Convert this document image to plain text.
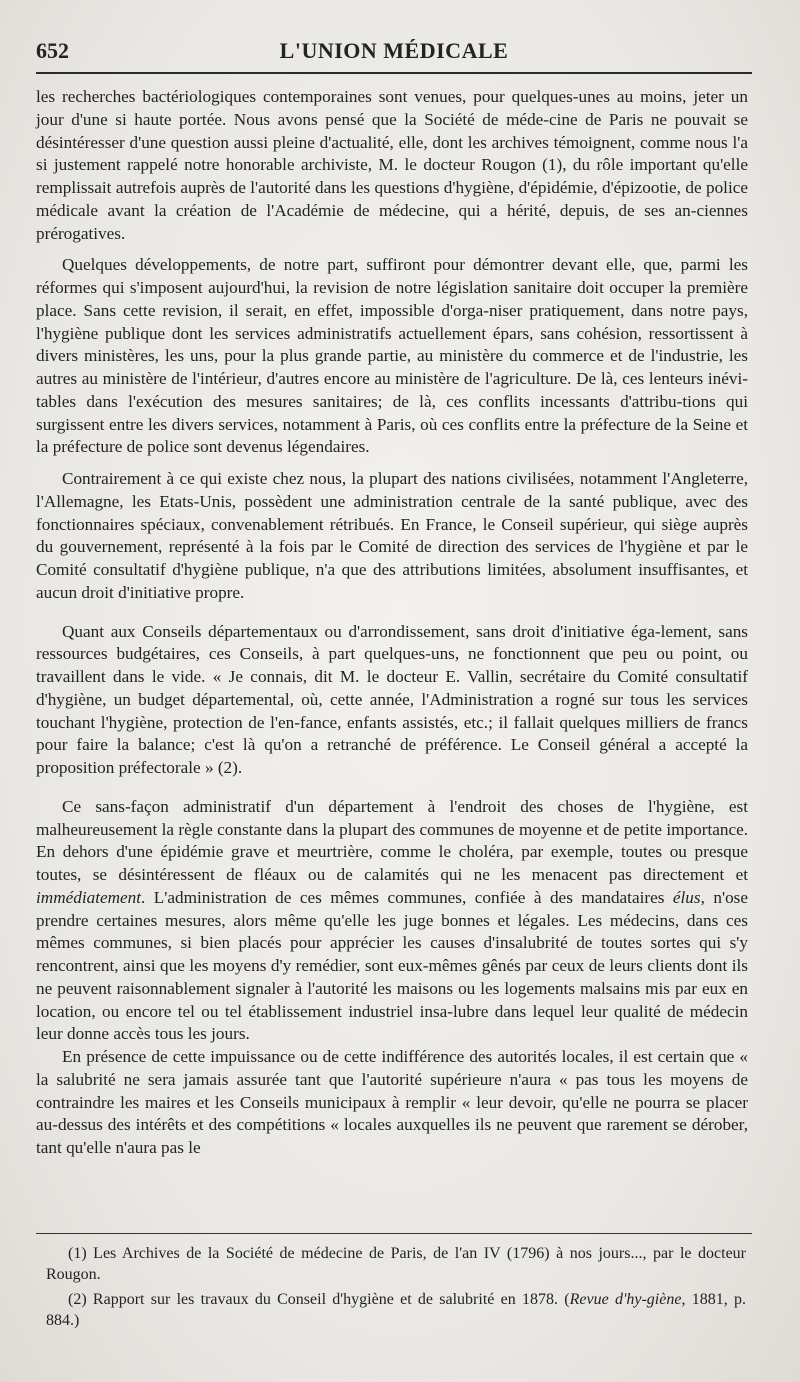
652	L'UNION MÉDICALE

les recherches bactériologiques contemporaines sont venues, pour quelques-unes au moins, jeter un jour d'une si haute portée. Nous avons pensé que la Société de méde-cine de Paris ne pouvait se désintéresser d'une question aussi pleine d'actualité, elle, dont les archives témoignent, comme nous l'a si justement rappelé notre honorable archiviste, M. le docteur Rougon (1), du rôle important qu'elle remplissait autrefois auprès de l'autorité dans les questions d'hygiène, d'épidémie, d'épizootie, de police médicale avant la création de l'Académie de médecine, qui a hérité, depuis, de ses an-ciennes prérogatives.

Quelques développements, de notre part, suffiront pour démontrer devant elle, que, parmi les réformes qui s'imposent aujourd'hui, la revision de notre législation sanitaire doit occuper la première place. Sans cette revision, il serait, en effet, impossible d'orga-niser pratiquement, dans notre pays, l'hygiène publique dont les services administratifs actuellement épars, sans cohésion, ressortissent à divers ministères, les uns, pour la plus grande partie, au ministère du commerce et de l'industrie, les autres au ministère de l'intérieur, d'autres encore au ministère de l'agriculture. De là, ces lenteurs inévi-tables dans l'exécution des mesures sanitaires; de là, ces conflits incessants d'attribu-tions qui surgissent entre les divers services, notamment à Paris, où ces conflits entre la préfecture de la Seine et la préfecture de police sont devenus légendaires.

Contrairement à ce qui existe chez nous, la plupart des nations civilisées, notamment l'Angleterre, l'Allemagne, les Etats-Unis, possèdent une administration centrale de la santé publique, avec des fonctionnaires spéciaux, convenablement rétribués. En France, le Conseil supérieur, qui siège auprès du gouvernement, représenté à la fois par le Comité de direction des services de l'hygiène et par le Comité consultatif d'hygiène publique, n'a que des attributions limitées, absolument insuffisantes, et aucun droit d'initiative propre.

Quant aux Conseils départementaux ou d'arrondissement, sans droit d'initiative éga-lement, sans ressources budgétaires, ces Conseils, à part quelques-uns, ne fonctionnent que peu ou point, ou travaillent dans le vide. « Je connais, dit M. le docteur E. Vallin, secrétaire du Comité consultatif d'hygiène, un budget départemental, où, cette année, l'Administration a rogné sur tous les services touchant l'hygiène, protection de l'en-fance, enfants assistés, etc.; il fallait quelques milliers de francs pour faire la balance; c'est là qu'on a retranché de préférence. Le Conseil général a accepté la proposition préfectorale » (2).

Ce sans-façon administratif d'un département à l'endroit des choses de l'hygiène, est malheureusement la règle constante dans la plupart des communes de moyenne et de petite importance. En dehors d'une épidémie grave et meurtrière, comme le choléra, par exemple, toutes ou presque toutes, se désintéressent de fléaux ou de calamités qui ne les menacent pas directement et immédiatement. L'administration de ces mêmes communes, confiée à des mandataires élus, n'ose prendre certaines mesures, alors même qu'elle les juge bonnes et légales. Les médecins, dans ces mêmes communes, si bien placés pour apprécier les causes d'insalubrité de toutes sortes qui s'y rencontrent, ainsi que les moyens d'y remédier, sont eux-mêmes gênés par ceux de leurs clients dont ils ne peuvent raisonnablement signaler à l'autorité les maisons ou les logements malsains mis par eux en location, ou encore tel ou tel établissement industriel insa-lubre dans lequel leur qualité de médecin leur donne accès tous les jours.

En présence de cette impuissance ou de cette indifférence des autorités locales, il est certain que « la salubrité ne sera jamais assurée tant que l'autorité supérieure n'aura « pas tous les moyens de contraindre les maires et les Conseils municipaux à remplir « leur devoir, qu'elle ne pourra se placer au-dessus des intérêts et des compétitions « locales auxquelles ils ne peuvent que rarement se dérober, tant qu'elle n'aura pas le

(1) Les Archives de la Société de médecine de Paris, de l'an IV (1796) à nos jours..., par le docteur Rougon.

(2) Rapport sur les travaux du Conseil d'hygiène et de salubrité en 1878. (Revue d'hy-giène, 1881, p. 884.)
